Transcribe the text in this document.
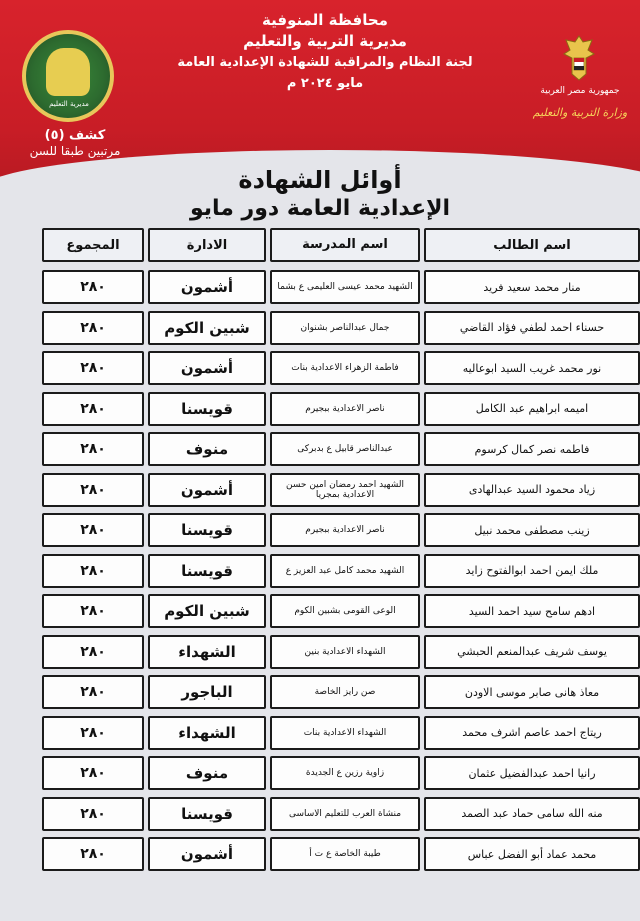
محافظة المنوفية
مديرية التربية والتعليم
لجنة النظام والمراقبة للشهادة الإعدادية العامة
مايو ٢٠٢٤ م
مديرية التعليم
كشف (٥)
مرتبين طبقا للسن
جمهورية مصر العربية
وزارة التربية والتعليم
أوائل الشهادة
الإعدادية العامة دور مايو
اسم الطالب
اسم المدرسة
الادارة
المجموع
منار محمد سعيد فريد
الشهيد محمد عيسى العليمى ع بشما
أشمون
٢٨٠
حسناء احمد لطفي فؤاد القاضي
جمال عبدالناصر بشنوان
شبين الكوم
٢٨٠
نور محمد غريب السيد ابوعاليه
فاطمة الزهراء الاعدادية بنات
أشمون
٢٨٠
اميمه ابراهيم عبد الكامل
ناصر الاعدادية ببجيرم
قويسنا
٢٨٠
فاطمه نصر كمال كرسوم
عبدالناصر قابيل ع بدبركى
منوف
٢٨٠
زياد محمود السيد عبدالهادى
الشهيد احمد رمضان امين حسن الاعدادية بمجريا
أشمون
٢٨٠
زينب مصطفى محمد نبيل
ناصر الاعدادية ببجيرم
قويسنا
٢٨٠
ملك ايمن احمد ابوالفتوح زايد
الشهيد محمد كامل عبد العزيز ع
قويسنا
٢٨٠
ادهم سامح سيد احمد السيد
الوعى القومى بشبين الكوم
شبين الكوم
٢٨٠
يوسف شريف عبدالمنعم الحبشي
الشهداء الاعدادية بنين
الشهداء
٢٨٠
معاذ هانى صابر موسى الاودن
صن رايز الخاصة
الباجور
٢٨٠
ريتاج احمد عاصم اشرف محمد
الشهداء الاعدادية بنات
الشهداء
٢٨٠
رانيا احمد عبدالفضيل عثمان
زاوية رزين ع الجديدة
منوف
٢٨٠
منه الله سامى حماد عبد الصمد
منشاة العرب للتعليم الاساسى
قويسنا
٢٨٠
محمد عماد أبو الفضل عباس
طيبة الخاصة ع ت أ
أشمون
٢٨٠
